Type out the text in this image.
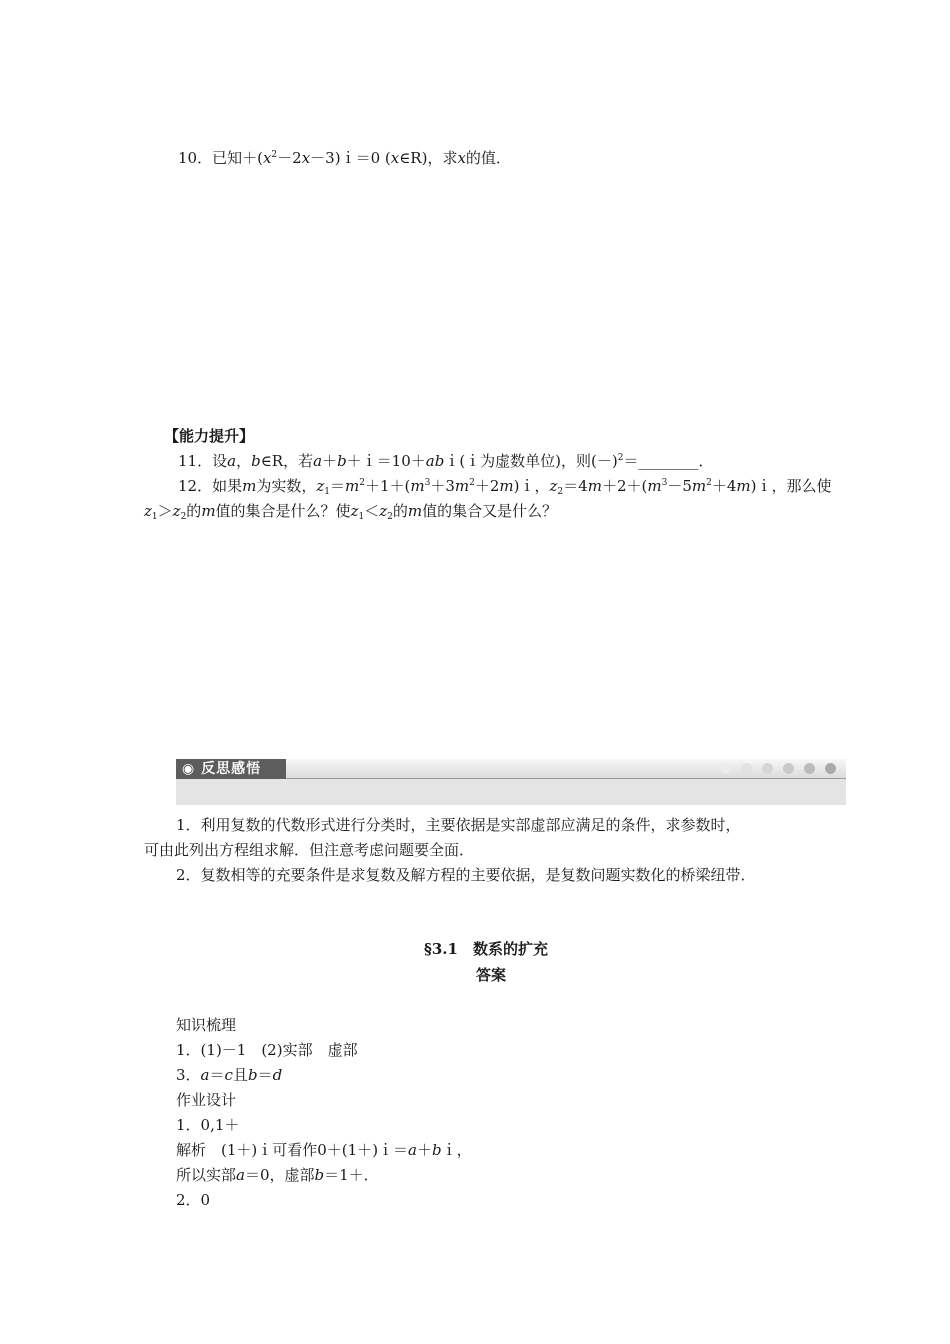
10．已知$+(x^2-2x-3)i=0$ (x∈R)，求x的值．
【能力提升】
11．设a，b∈R，若a＋b＋ｉ＝10＋abｉ(ｉ为虚数单位)，则$(-)^2=\_\_\_\_\_\_\_\_$．
12．如果m为实数，$z_1=m^2+1+(m^3+3m^2+2m)i$，$z_2=4m+2+(m^3-5m^2+4m)i$，那么使
$z_1>z_2$的m值的集合是什么？使$z_1<z_2$的m值的集合又是什么？
◉ 反思感悟
1．利用复数的代数形式进行分类时，主要依据是实部虚部应满足的条件，求参数时，
可由此列出方程组求解．但注意考虑问题要全面．
2．复数相等的充要条件是求复数及解方程的主要依据，是复数问题实数化的桥梁纽带．
§3.1　数系的扩充
答案
知识梳理
1．(1)－1　(2)实部　虚部
3．a＝c且b＝d
作业设计
1．0,1＋
解析　(1＋)ｉ可看作0＋(1＋)ｉ＝a＋bｉ，
所以实部a＝0，虚部b＝1＋．
2．0
